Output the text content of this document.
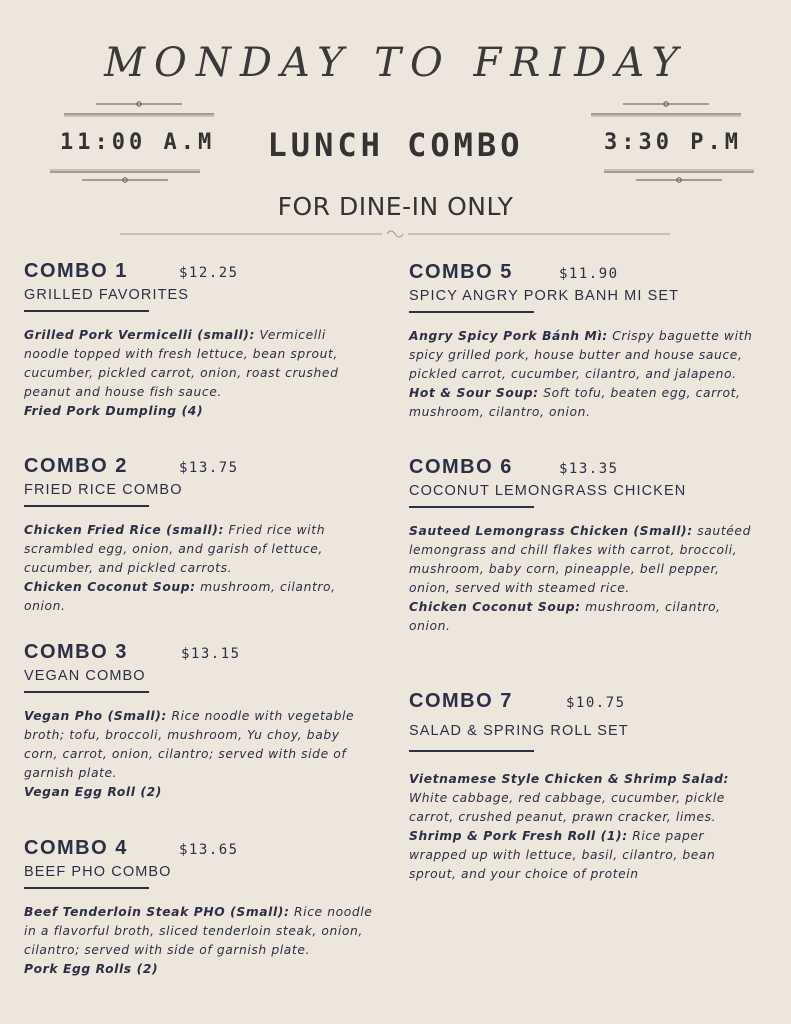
MONDAY TO FRIDAY
11:00 A.M	LUNCH COMBO	3:30 P.M
FOR DINE-IN ONLY
COMBO 1	$12.25
GRILLED FAVORITES
Grilled Pork Vermicelli (small): Vermicelli noodle topped with fresh lettuce, bean sprout, cucumber, pickled carrot, onion, roast crushed peanut and house fish sauce.
Fried Pork Dumpling (4)
COMBO 2	$13.75
FRIED RICE COMBO
Chicken Fried Rice (small): Fried rice with scrambled egg, onion, and garish of lettuce, cucumber, and pickled carrots.
Chicken Coconut Soup: mushroom, cilantro, onion.
COMBO 3	$13.15
VEGAN COMBO
Vegan Pho (Small): Rice noodle with vegetable broth; tofu, broccoli, mushroom, Yu choy, baby corn, carrot, onion, cilantro; served with side of garnish plate.
Vegan Egg Roll (2)
COMBO 4	$13.65
BEEF PHO COMBO
Beef Tenderloin Steak PHO (Small): Rice noodle in a flavorful broth, sliced tenderloin steak, onion, cilantro; served with side of garnish plate.
Pork Egg Rolls (2)
COMBO 5	$11.90
SPICY ANGRY PORK BANH MI SET
Angry Spicy Pork Bánh Mì: Crispy baguette with spicy grilled pork, house butter and house sauce, pickled carrot, cucumber, cilantro, and jalapeno.
Hot & Sour Soup: Soft tofu, beaten egg, carrot, mushroom, cilantro, onion.
COMBO 6	$13.35
COCONUT LEMONGRASS CHICKEN
Sauteed Lemongrass Chicken (Small): sautéed lemongrass and chill flakes with carrot, broccoli, mushroom, baby corn, pineapple, bell pepper, onion, served with steamed rice.
Chicken Coconut Soup: mushroom, cilantro, onion.
COMBO 7	$10.75
SALAD & SPRING ROLL SET
Vietnamese Style Chicken & Shrimp Salad: White cabbage, red cabbage, cucumber, pickle carrot, crushed peanut, prawn cracker, limes.
Shrimp & Pork Fresh Roll (1): Rice paper wrapped up with lettuce, basil, cilantro, bean sprout, and your choice of protein
